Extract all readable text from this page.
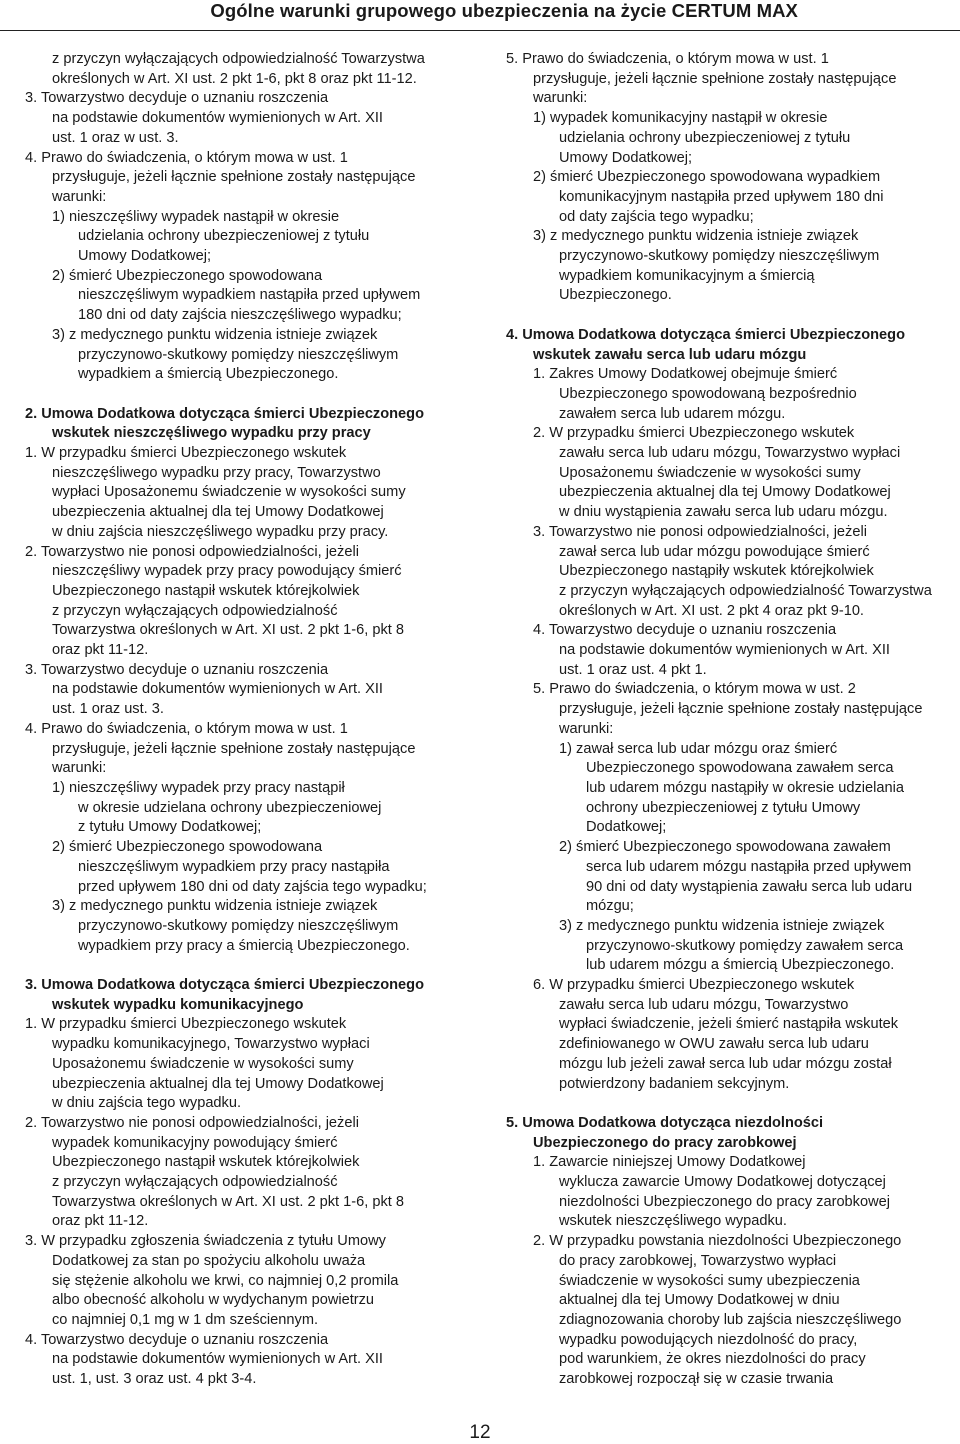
Ogólne warunki grupowego ubezpieczenia na życie CERTUM MAX
z przyczyn wyłączających odpowiedzialność Towarzystwa
określonych w Art. XI ust. 2 pkt 1-6, pkt 8 oraz pkt 11-12.
3. Towarzystwo decyduje o uznaniu roszczenia
na podstawie dokumentów wymienionych w Art. XII
ust. 1 oraz w ust. 3.
4. Prawo do świadczenia, o którym mowa w ust. 1
przysługuje, jeżeli łącznie spełnione zostały następujące
warunki:
1) nieszczęśliwy wypadek nastąpił w okresie
udzielania ochrony ubezpieczeniowej z tytułu
Umowy Dodatkowej;
2) śmierć Ubezpieczonego spowodowana
nieszczęśliwym wypadkiem nastąpiła przed upływem
180 dni od daty zajścia nieszczęśliwego wypadku;
3) z medycznego punktu widzenia istnieje związek
przyczynowo-skutkowy pomiędzy nieszczęśliwym
wypadkiem a śmiercią Ubezpieczonego.
2. Umowa Dodatkowa dotycząca śmierci Ubezpieczonego
wskutek nieszczęśliwego wypadku przy pracy
1. W przypadku śmierci Ubezpieczonego wskutek
nieszczęśliwego wypadku przy pracy, Towarzystwo
wypłaci Uposażonemu świadczenie w wysokości sumy
ubezpieczenia aktualnej dla tej Umowy Dodatkowej
w dniu zajścia nieszczęśliwego wypadku przy pracy.
2. Towarzystwo nie ponosi odpowiedzialności, jeżeli
nieszczęśliwy wypadek przy pracy powodujący śmierć
Ubezpieczonego nastąpił wskutek którejkolwiek
z przyczyn wyłączających odpowiedzialność
Towarzystwa określonych w Art. XI ust. 2 pkt 1-6, pkt 8
oraz pkt 11-12.
3. Towarzystwo decyduje o uznaniu roszczenia
na podstawie dokumentów wymienionych w Art. XII
ust. 1 oraz ust. 3.
4. Prawo do świadczenia, o którym mowa w ust. 1
przysługuje, jeżeli łącznie spełnione zostały następujące
warunki:
1) nieszczęśliwy wypadek przy pracy nastąpił
w okresie udzielana ochrony ubezpieczeniowej
z tytułu Umowy Dodatkowej;
2) śmierć Ubezpieczonego spowodowana
nieszczęśliwym wypadkiem przy pracy nastąpiła
przed upływem 180 dni od daty zajścia tego wypadku;
3) z medycznego punktu widzenia istnieje związek
przyczynowo-skutkowy pomiędzy nieszczęśliwym
wypadkiem przy pracy a śmiercią Ubezpieczonego.
3. Umowa Dodatkowa dotycząca śmierci Ubezpieczonego
wskutek wypadku komunikacyjnego
1. W przypadku śmierci Ubezpieczonego wskutek
wypadku komunikacyjnego, Towarzystwo wypłaci
Uposażonemu świadczenie w wysokości sumy
ubezpieczenia aktualnej dla tej Umowy Dodatkowej
w dniu zajścia tego wypadku.
2. Towarzystwo nie ponosi odpowiedzialności, jeżeli
wypadek komunikacyjny powodujący śmierć
Ubezpieczonego nastąpił wskutek którejkolwiek
z przyczyn wyłączających odpowiedzialność
Towarzystwa określonych w Art. XI ust. 2 pkt 1-6, pkt 8
oraz pkt 11-12.
3. W przypadku zgłoszenia świadczenia z tytułu Umowy
Dodatkowej za stan po spożyciu alkoholu uważa
się stężenie alkoholu we krwi, co najmniej 0,2 promila
albo obecność alkoholu w wydychanym powietrzu
co najmniej 0,1 mg w 1 dm sześciennym.
4. Towarzystwo decyduje o uznaniu roszczenia
na podstawie dokumentów wymienionych w Art. XII
ust. 1, ust. 3 oraz ust. 4 pkt 3-4.
5. Prawo do świadczenia, o którym mowa w ust. 1
przysługuje, jeżeli łącznie spełnione zostały następujące
warunki:
1) wypadek komunikacyjny nastąpił w okresie
udzielania ochrony ubezpieczeniowej z tytułu
Umowy Dodatkowej;
2) śmierć Ubezpieczonego spowodowana wypadkiem
komunikacyjnym nastąpiła przed upływem 180 dni
od daty zajścia tego wypadku;
3) z medycznego punktu widzenia istnieje związek
przyczynowo-skutkowy pomiędzy nieszczęśliwym
wypadkiem komunikacyjnym a śmiercią
Ubezpieczonego.
4. Umowa Dodatkowa dotycząca śmierci Ubezpieczonego
wskutek zawału serca lub udaru mózgu
1. Zakres Umowy Dodatkowej obejmuje śmierć
Ubezpieczonego spowodowaną bezpośrednio
zawałem serca lub udarem mózgu.
2. W przypadku śmierci Ubezpieczonego wskutek
zawału serca lub udaru mózgu, Towarzystwo wypłaci
Uposażonemu świadczenie w wysokości sumy
ubezpieczenia aktualnej dla tej Umowy Dodatkowej
w dniu wystąpienia zawału serca lub udaru mózgu.
3. Towarzystwo nie ponosi odpowiedzialności, jeżeli
zawał serca lub udar mózgu powodujące śmierć
Ubezpieczonego nastąpiły wskutek którejkolwiek
z przyczyn wyłączających odpowiedzialność Towarzystwa
określonych w Art. XI ust. 2 pkt 4 oraz pkt 9-10.
4. Towarzystwo decyduje o uznaniu roszczenia
na podstawie dokumentów wymienionych w Art. XII
ust. 1 oraz ust. 4 pkt 1.
5. Prawo do świadczenia, o którym mowa w ust. 2
przysługuje, jeżeli łącznie spełnione zostały następujące
warunki:
1) zawał serca lub udar mózgu oraz śmierć
Ubezpieczonego spowodowana zawałem serca
lub udarem mózgu nastąpiły w okresie udzielania
ochrony ubezpieczeniowej z tytułu Umowy
Dodatkowej;
2) śmierć Ubezpieczonego spowodowana zawałem
serca lub udarem mózgu nastąpiła przed upływem
90 dni od daty wystąpienia zawału serca lub udaru
mózgu;
3) z medycznego punktu widzenia istnieje związek
przyczynowo-skutkowy pomiędzy zawałem serca
lub udarem mózgu a śmiercią Ubezpieczonego.
6. W przypadku śmierci Ubezpieczonego wskutek
zawału serca lub udaru mózgu, Towarzystwo
wypłaci świadczenie, jeżeli śmierć nastąpiła wskutek
zdefiniowanego w OWU zawału serca lub udaru
mózgu lub jeżeli zawał serca lub udar mózgu został
potwierdzony badaniem sekcyjnym.
5. Umowa Dodatkowa dotycząca niezdolności
Ubezpieczonego do pracy zarobkowej
1. Zawarcie niniejszej Umowy Dodatkowej
wyklucza zawarcie Umowy Dodatkowej dotyczącej
niezdolności Ubezpieczonego do pracy zarobkowej
wskutek nieszczęśliwego wypadku.
2. W przypadku powstania niezdolności Ubezpieczonego
do pracy zarobkowej, Towarzystwo wypłaci
świadczenie w wysokości sumy ubezpieczenia
aktualnej dla tej Umowy Dodatkowej w dniu
zdiagnozowania choroby lub zajścia nieszczęśliwego
wypadku powodujących niezdolność do pracy,
pod warunkiem, że okres niezdolności do pracy
zarobkowej rozpoczął się w czasie trwania
12
